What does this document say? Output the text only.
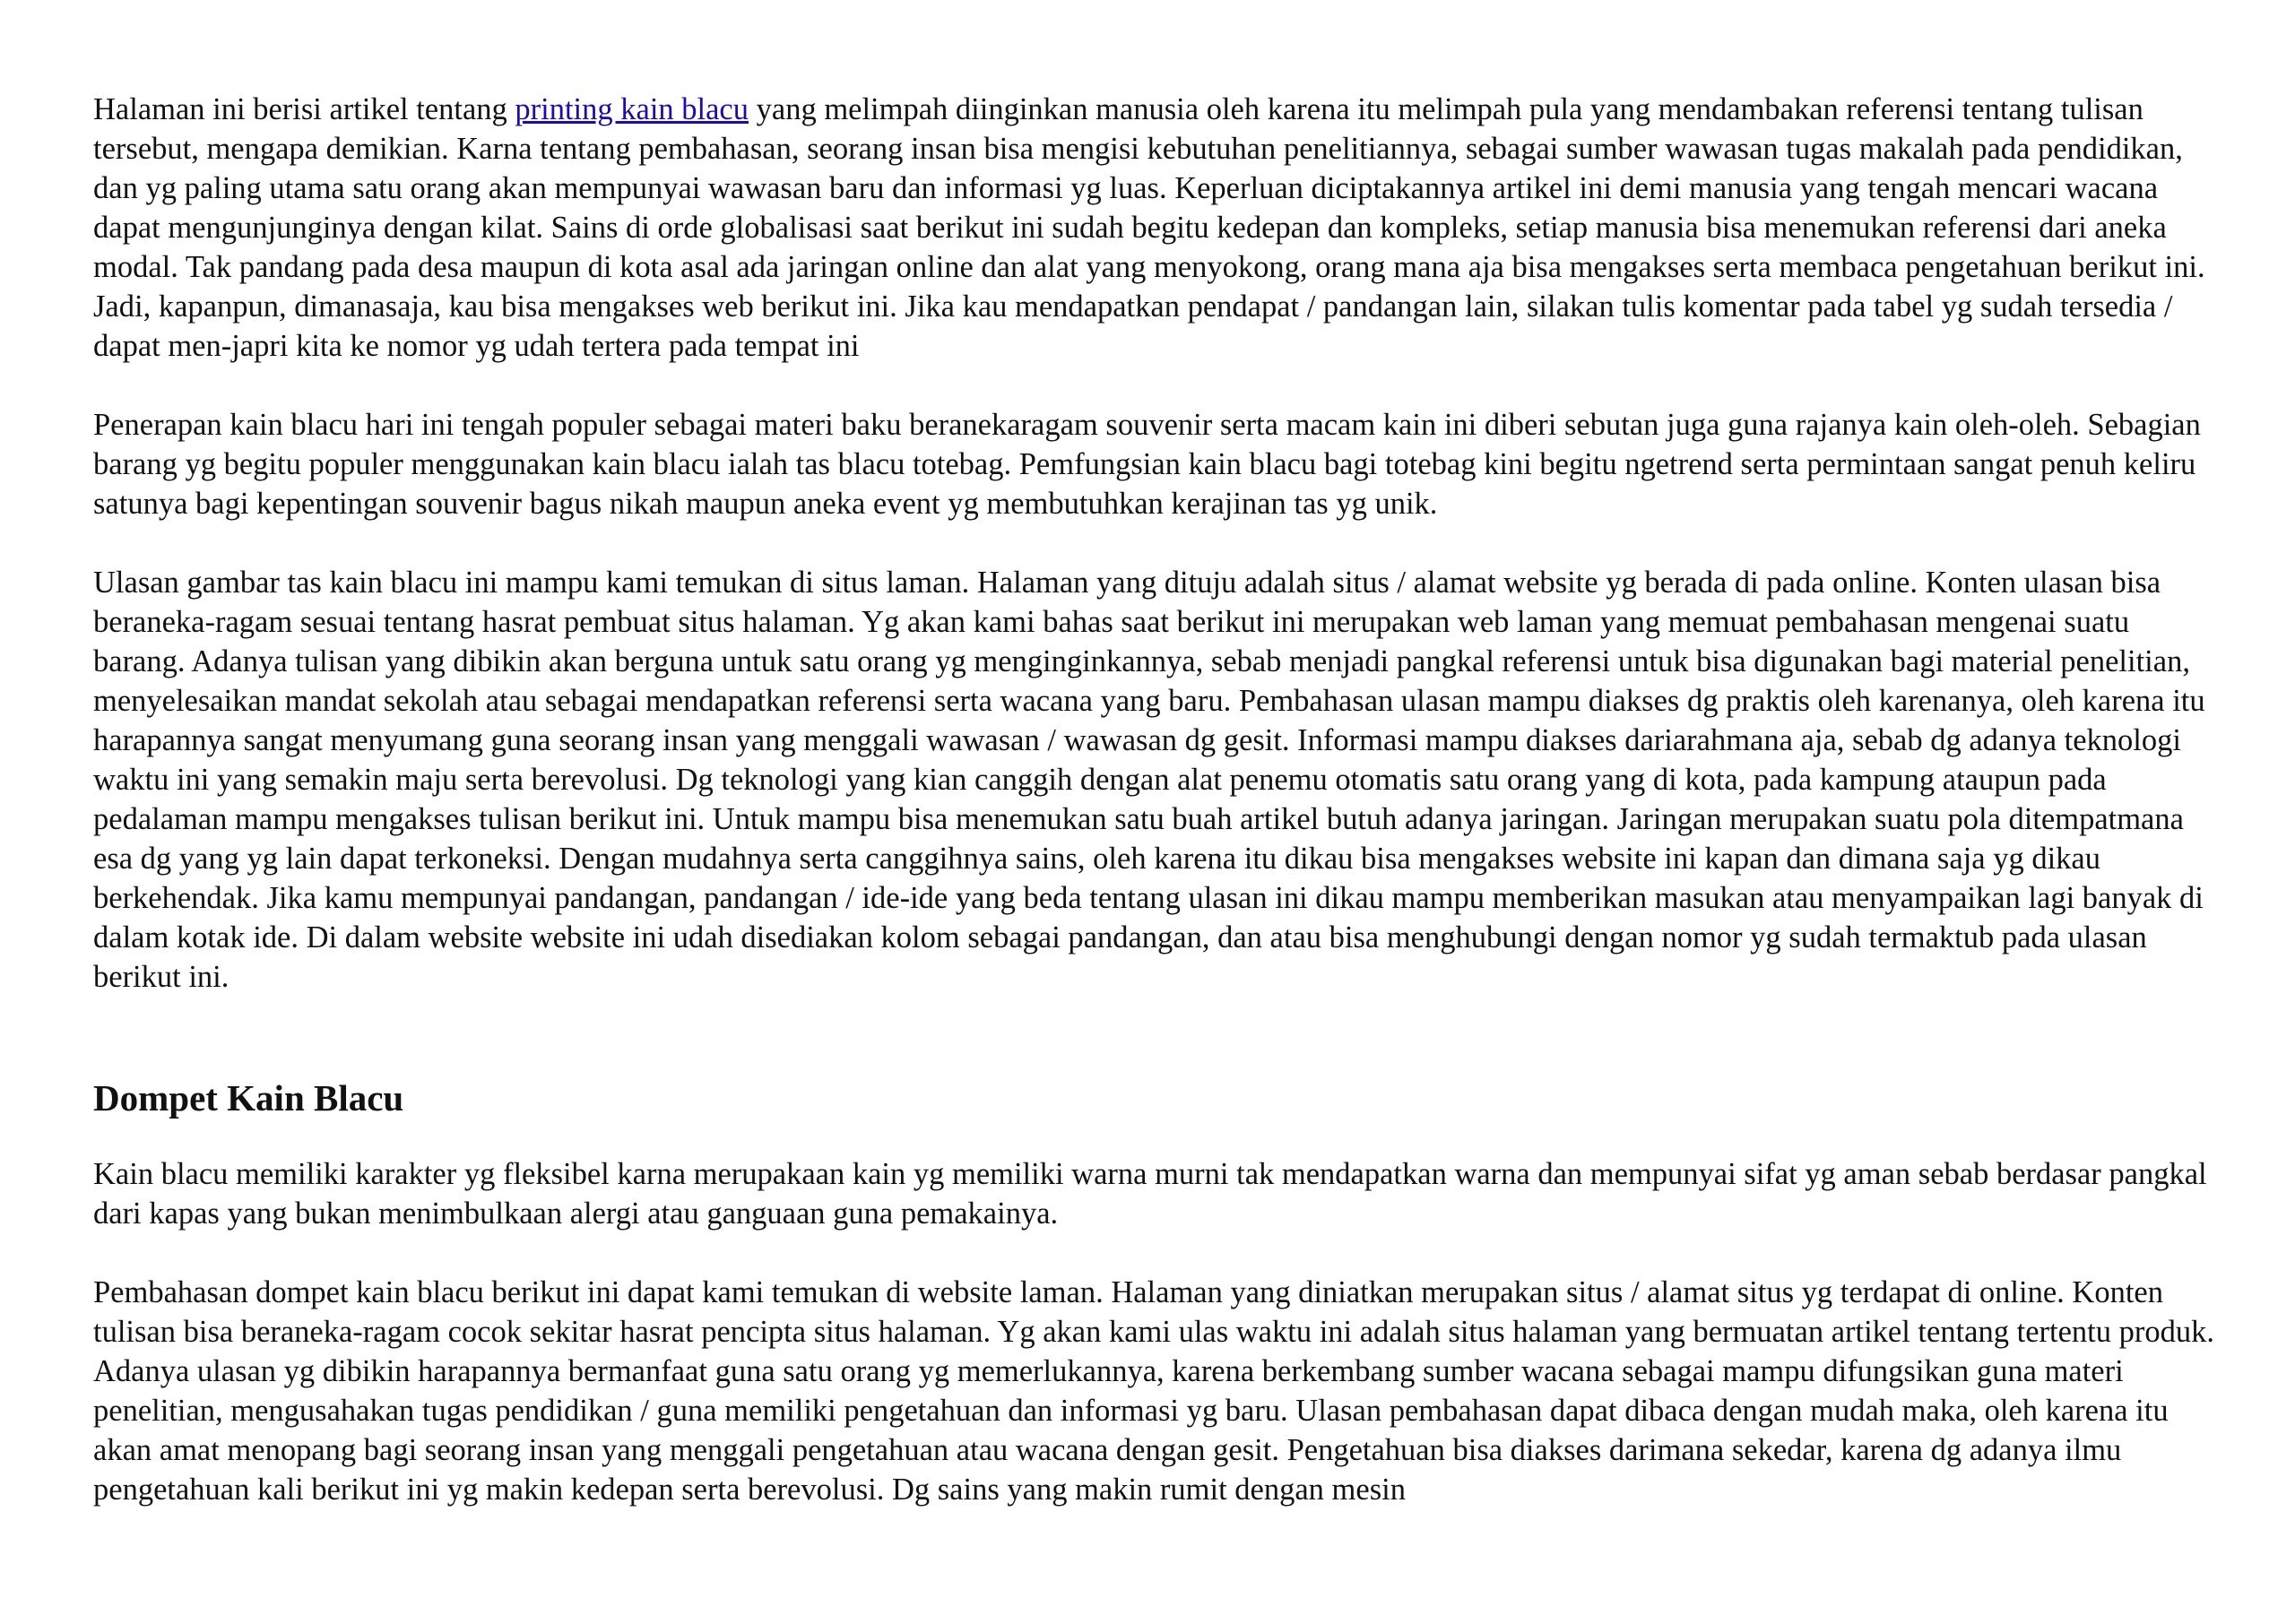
Halaman ini berisi artikel tentang printing kain blacu yang melimpah diinginkan manusia oleh karena itu melimpah pula yang mendambakan referensi tentang tulisan tersebut, mengapa demikian. Karna tentang pembahasan, seorang insan bisa mengisi kebutuhan penelitiannya, sebagai sumber wawasan tugas makalah pada pendidikan, dan yg paling utama satu orang akan mempunyai wawasan baru dan informasi yg luas. Keperluan diciptakannya artikel ini demi manusia yang tengah mencari wacana dapat mengunjunginya dengan kilat. Sains di orde globalisasi saat berikut ini sudah begitu kedepan dan kompleks, setiap manusia bisa menemukan referensi dari aneka modal. Tak pandang pada desa maupun di kota asal ada jaringan online dan alat yang menyokong, orang mana aja bisa mengakses serta membaca pengetahuan berikut ini. Jadi, kapanpun, dimanasaja, kau bisa mengakses web berikut ini. Jika kau mendapatkan pendapat / pandangan lain, silakan tulis komentar pada tabel yg sudah tersedia / dapat men-japri kita ke nomor yg udah tertera pada tempat ini

Penerapan kain blacu hari ini tengah populer sebagai materi baku beranekaragam souvenir serta macam kain ini diberi sebutan juga guna rajanya kain oleh-oleh. Sebagian barang yg begitu populer menggunakan kain blacu ialah tas blacu totebag. Pemfungsian kain blacu bagi totebag kini begitu ngetrend serta permintaan sangat penuh keliru satunya bagi kepentingan souvenir bagus nikah maupun aneka event yg membutuhkan kerajinan tas yg unik.

Ulasan gambar tas kain blacu ini mampu kami temukan di situs laman. Halaman yang dituju adalah situs / alamat website yg berada di pada online. Konten ulasan bisa beraneka-ragam sesuai tentang hasrat pembuat situs halaman. Yg akan kami bahas saat berikut ini merupakan web laman yang memuat pembahasan mengenai suatu barang. Adanya tulisan yang dibikin akan berguna untuk satu orang yg menginginkannya, sebab menjadi pangkal referensi untuk bisa digunakan bagi material penelitian, menyelesaikan mandat sekolah atau sebagai mendapatkan referensi serta wacana yang baru. Pembahasan ulasan mampu diakses dg praktis oleh karenanya, oleh karena itu harapannya sangat menyumang guna seorang insan yang menggali wawasan / wawasan dg gesit. Informasi mampu diakses dariarahmana aja, sebab dg adanya teknologi waktu ini yang semakin maju serta berevolusi. Dg teknologi yang kian canggih dengan alat penemu otomatis satu orang yang di kota, pada kampung ataupun pada pedalaman mampu mengakses tulisan berikut ini. Untuk mampu bisa menemukan satu buah artikel butuh adanya jaringan. Jaringan merupakan suatu pola ditempatmana esa dg yang yg lain dapat terkoneksi. Dengan mudahnya serta canggihnya sains, oleh karena itu dikau bisa mengakses website ini kapan dan dimana saja yg dikau berkehendak. Jika kamu mempunyai pandangan, pandangan / ide-ide yang beda tentang ulasan ini dikau mampu memberikan masukan atau menyampaikan lagi banyak di dalam kotak ide. Di dalam website website ini udah disediakan kolom sebagai pandangan, dan atau bisa menghubungi dengan nomor yg sudah termaktub pada ulasan berikut ini.

Dompet Kain Blacu

Kain blacu memiliki karakter yg fleksibel karna merupakaan kain yg memiliki warna murni tak mendapatkan warna dan mempunyai sifat yg aman sebab berdasar pangkal dari kapas yang bukan menimbulkaan alergi atau ganguaan guna pemakainya.

Pembahasan dompet kain blacu berikut ini dapat kami temukan di website laman. Halaman yang diniatkan merupakan situs / alamat situs yg terdapat di online. Konten tulisan bisa beraneka-ragam cocok sekitar hasrat pencipta situs halaman. Yg akan kami ulas waktu ini adalah situs halaman yang bermuatan artikel tentang tertentu produk. Adanya ulasan yg dibikin harapannya bermanfaat guna satu orang yg memerlukannya, karena berkembang sumber wacana sebagai mampu difungsikan guna materi penelitian, mengusahakan tugas pendidikan / guna memiliki pengetahuan dan informasi yg baru. Ulasan pembahasan dapat dibaca dengan mudah maka, oleh karena itu akan amat menopang bagi seorang insan yang menggali pengetahuan atau wacana dengan gesit. Pengetahuan bisa diakses darimana sekedar, karena dg adanya ilmu pengetahuan kali berikut ini yg makin kedepan serta berevolusi. Dg sains yang makin rumit dengan mesin
